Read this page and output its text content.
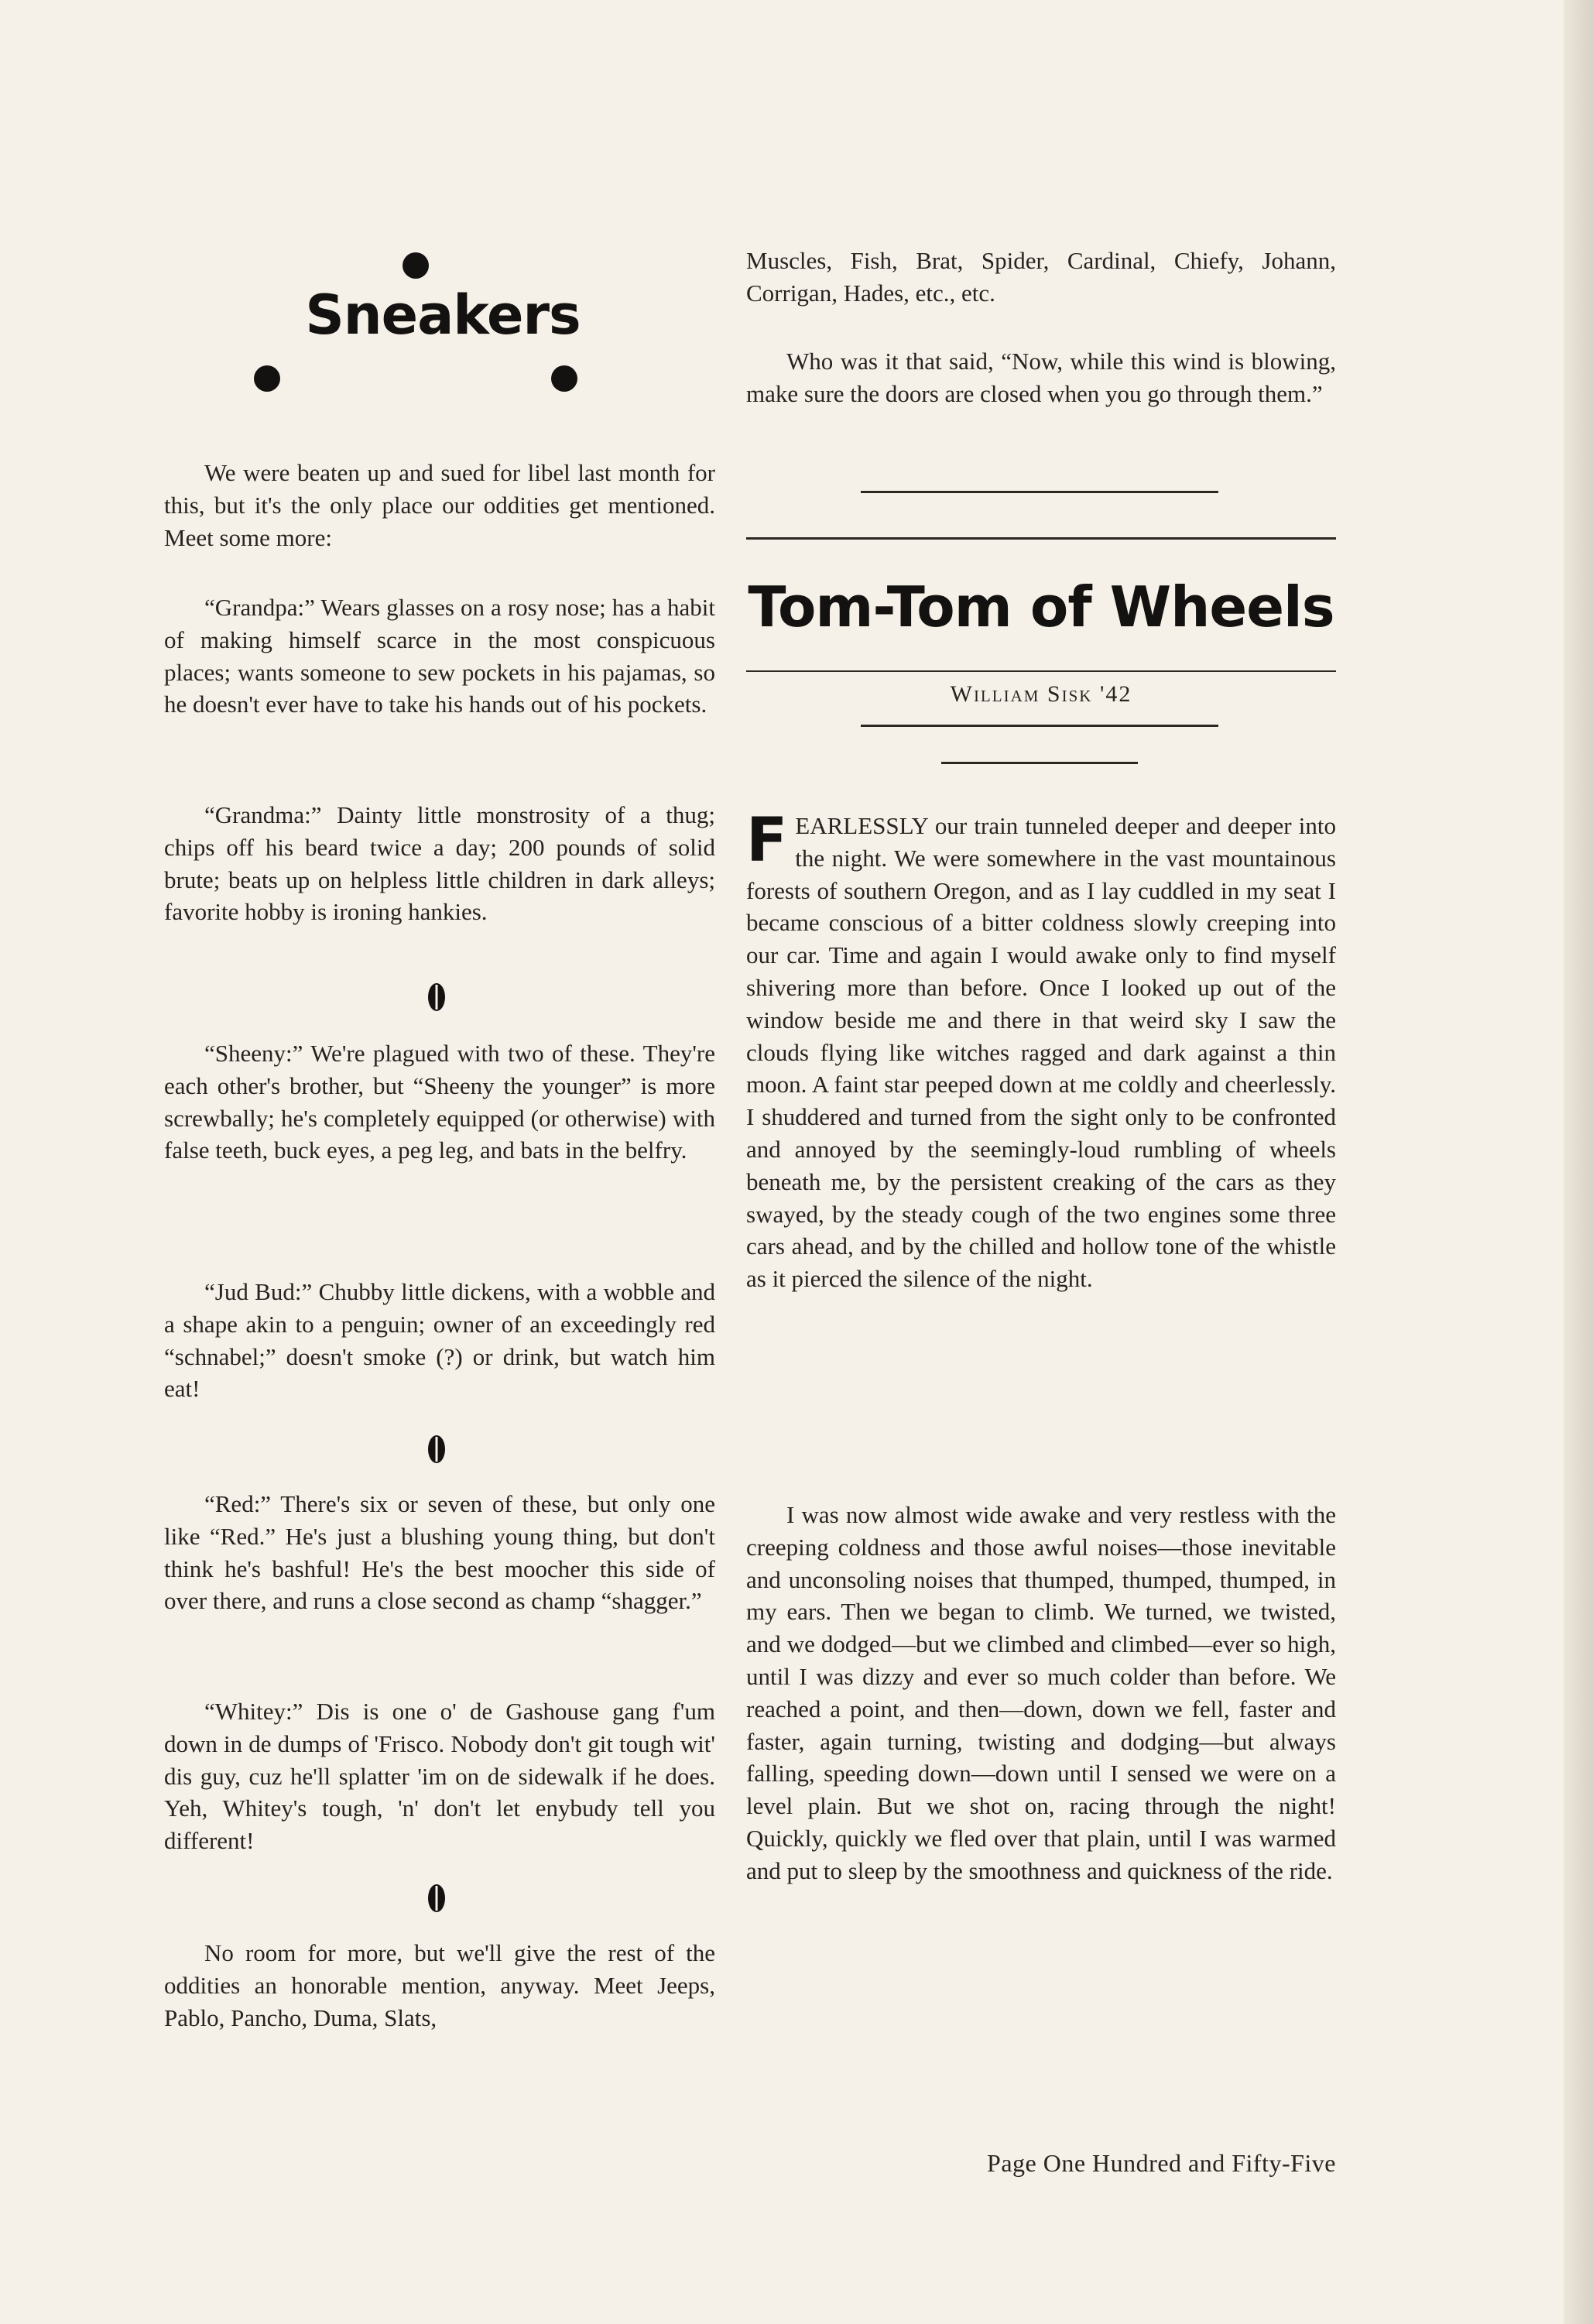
Sneakers

We were beaten up and sued for libel last month for this, but it's the only place our oddities get mentioned. Meet some more:

“Grandpa:” Wears glasses on a rosy nose; has a habit of making himself scarce in the most conspicuous places; wants someone to sew pockets in his pajamas, so he doesn't ever have to take his hands out of his pockets.

“Grandma:” Dainty little monstrosity of a thug; chips off his beard twice a day; 200 pounds of solid brute; beats up on helpless little children in dark alleys; favorite hobby is ironing hankies.

“Sheeny:” We're plagued with two of these. They're each other's brother, but “Sheeny the younger” is more screwbally; he's completely equipped (or otherwise) with false teeth, buck eyes, a peg leg, and bats in the belfry.

“Jud Bud:” Chubby little dickens, with a wobble and a shape akin to a penguin; owner of an exceedingly red “schnabel;” doesn't smoke (?) or drink, but watch him eat!

“Red:” There's six or seven of these, but only one like “Red.” He's just a blushing young thing, but don't think he's bashful! He's the best moocher this side of over there, and runs a close second as champ “shagger.”

“Whitey:” Dis is one o' de Gashouse gang f'um down in de dumps of 'Frisco. Nobody don't git tough wit' dis guy, cuz he'll splatter 'im on de sidewalk if he does. Yeh, Whitey's tough, 'n' don't let enybudy tell you different!

No room for more, but we'll give the rest of the oddities an honorable mention, anyway. Meet Jeeps, Pablo, Pancho, Duma, Slats,

Muscles, Fish, Brat, Spider, Cardinal, Chiefy, Johann, Corrigan, Hades, etc., etc.

Who was it that said, “Now, while this wind is blowing, make sure the doors are closed when you go through them.”

Tom-Tom of Wheels
William Sisk '42

FEARLESSLY our train tunneled deeper and deeper into the night. We were somewhere in the vast mountainous forests of southern Oregon, and as I lay cuddled in my seat I became conscious of a bitter coldness slowly creeping into our car. Time and again I would awake only to find myself shivering more than before. Once I looked up out of the window beside me and there in that weird sky I saw the clouds flying like witches ragged and dark against a thin moon. A faint star peeped down at me coldly and cheerlessly. I shuddered and turned from the sight only to be confronted and annoyed by the seemingly-loud rumbling of wheels beneath me, by the persistent creaking of the cars as they swayed, by the steady cough of the two engines some three cars ahead, and by the chilled and hollow tone of the whistle as it pierced the silence of the night.

I was now almost wide awake and very restless with the creeping coldness and those awful noises—those inevitable and unconsoling noises that thumped, thumped, thumped, in my ears. Then we began to climb. We turned, we twisted, and we dodged—but we climbed and climbed—ever so high, until I was dizzy and ever so much colder than before. We reached a point, and then—down, down we fell, faster and faster, again turning, twisting and dodging—but always falling, speeding down—down until I sensed we were on a level plain. But we shot on, racing through the night! Quickly, quickly we fled over that plain, until I was warmed and put to sleep by the smoothness and quickness of the ride.

Page One Hundred and Fifty-Five
